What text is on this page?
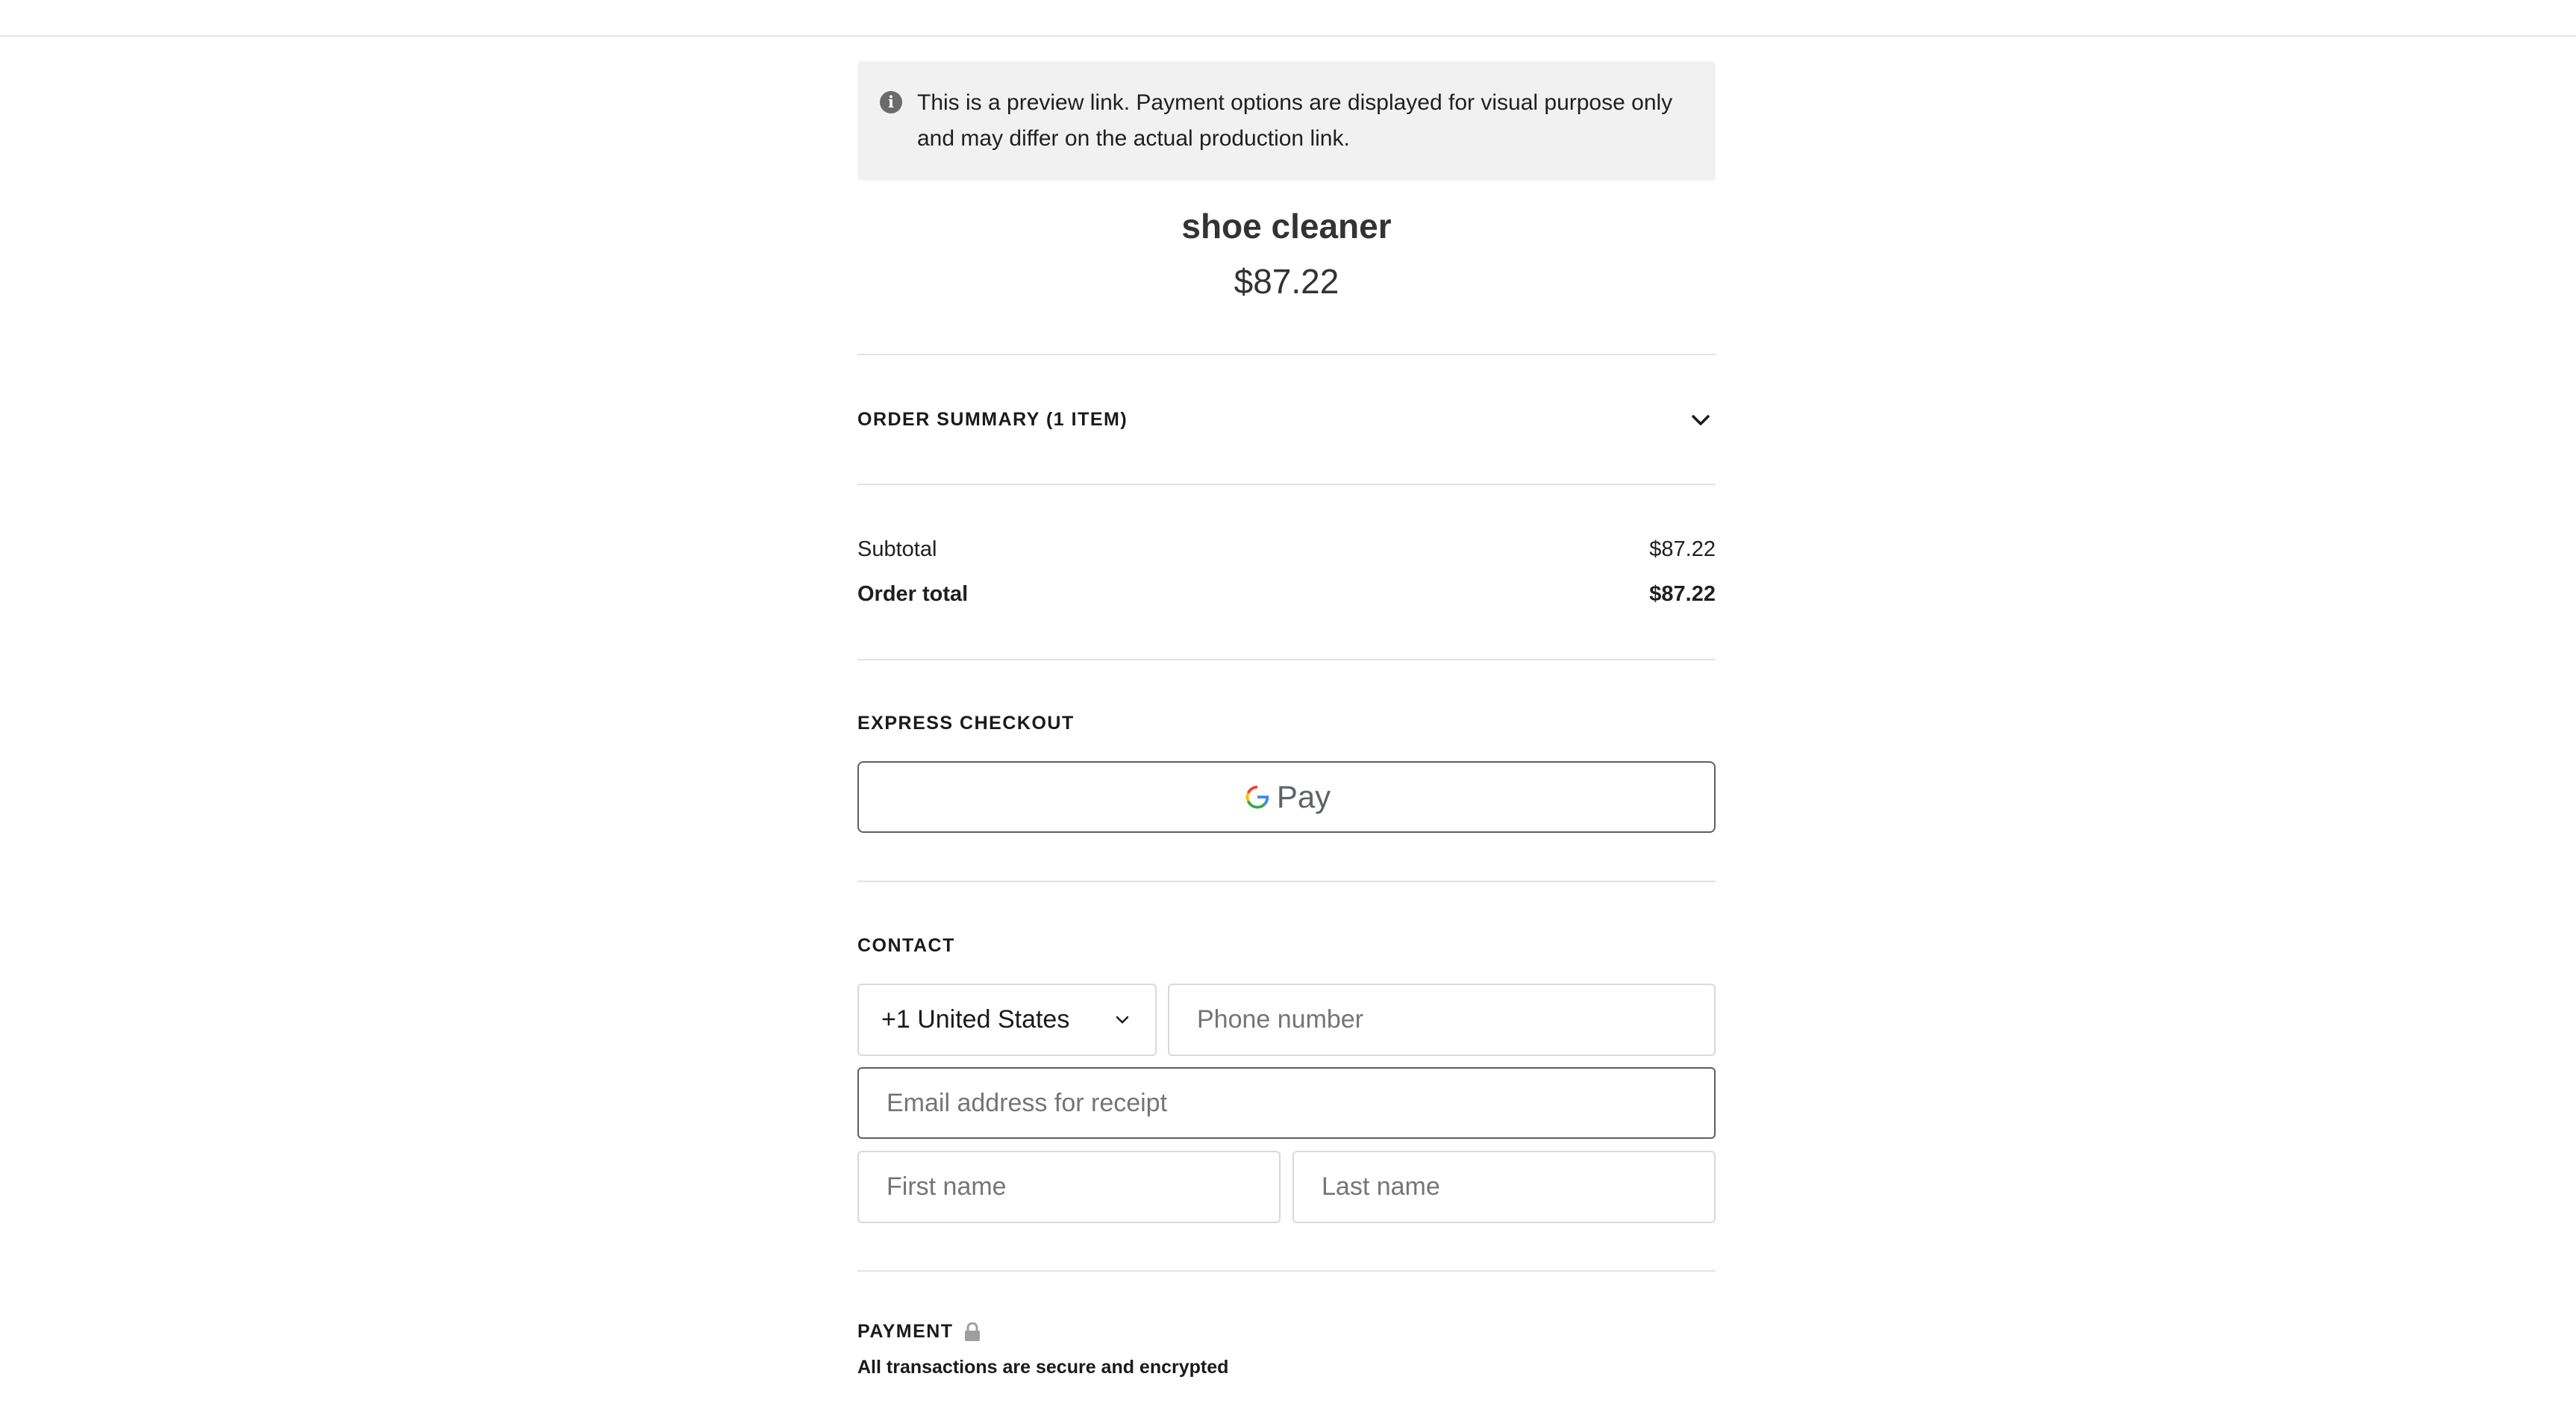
i	This is a preview link. Payment options are displayed for visual purpose only
and may differ on the actual production link.
shoe cleaner
$87.22
ORDER SUMMARY (1 ITEM)
Subtotal	$87.22
Order total	$87.22
EXPRESS CHECKOUT
Pay
CONTACT
+1 United States	Phone number
Email address for receipt
First name	Last name
PAYMENT
All transactions are secure and encrypted
